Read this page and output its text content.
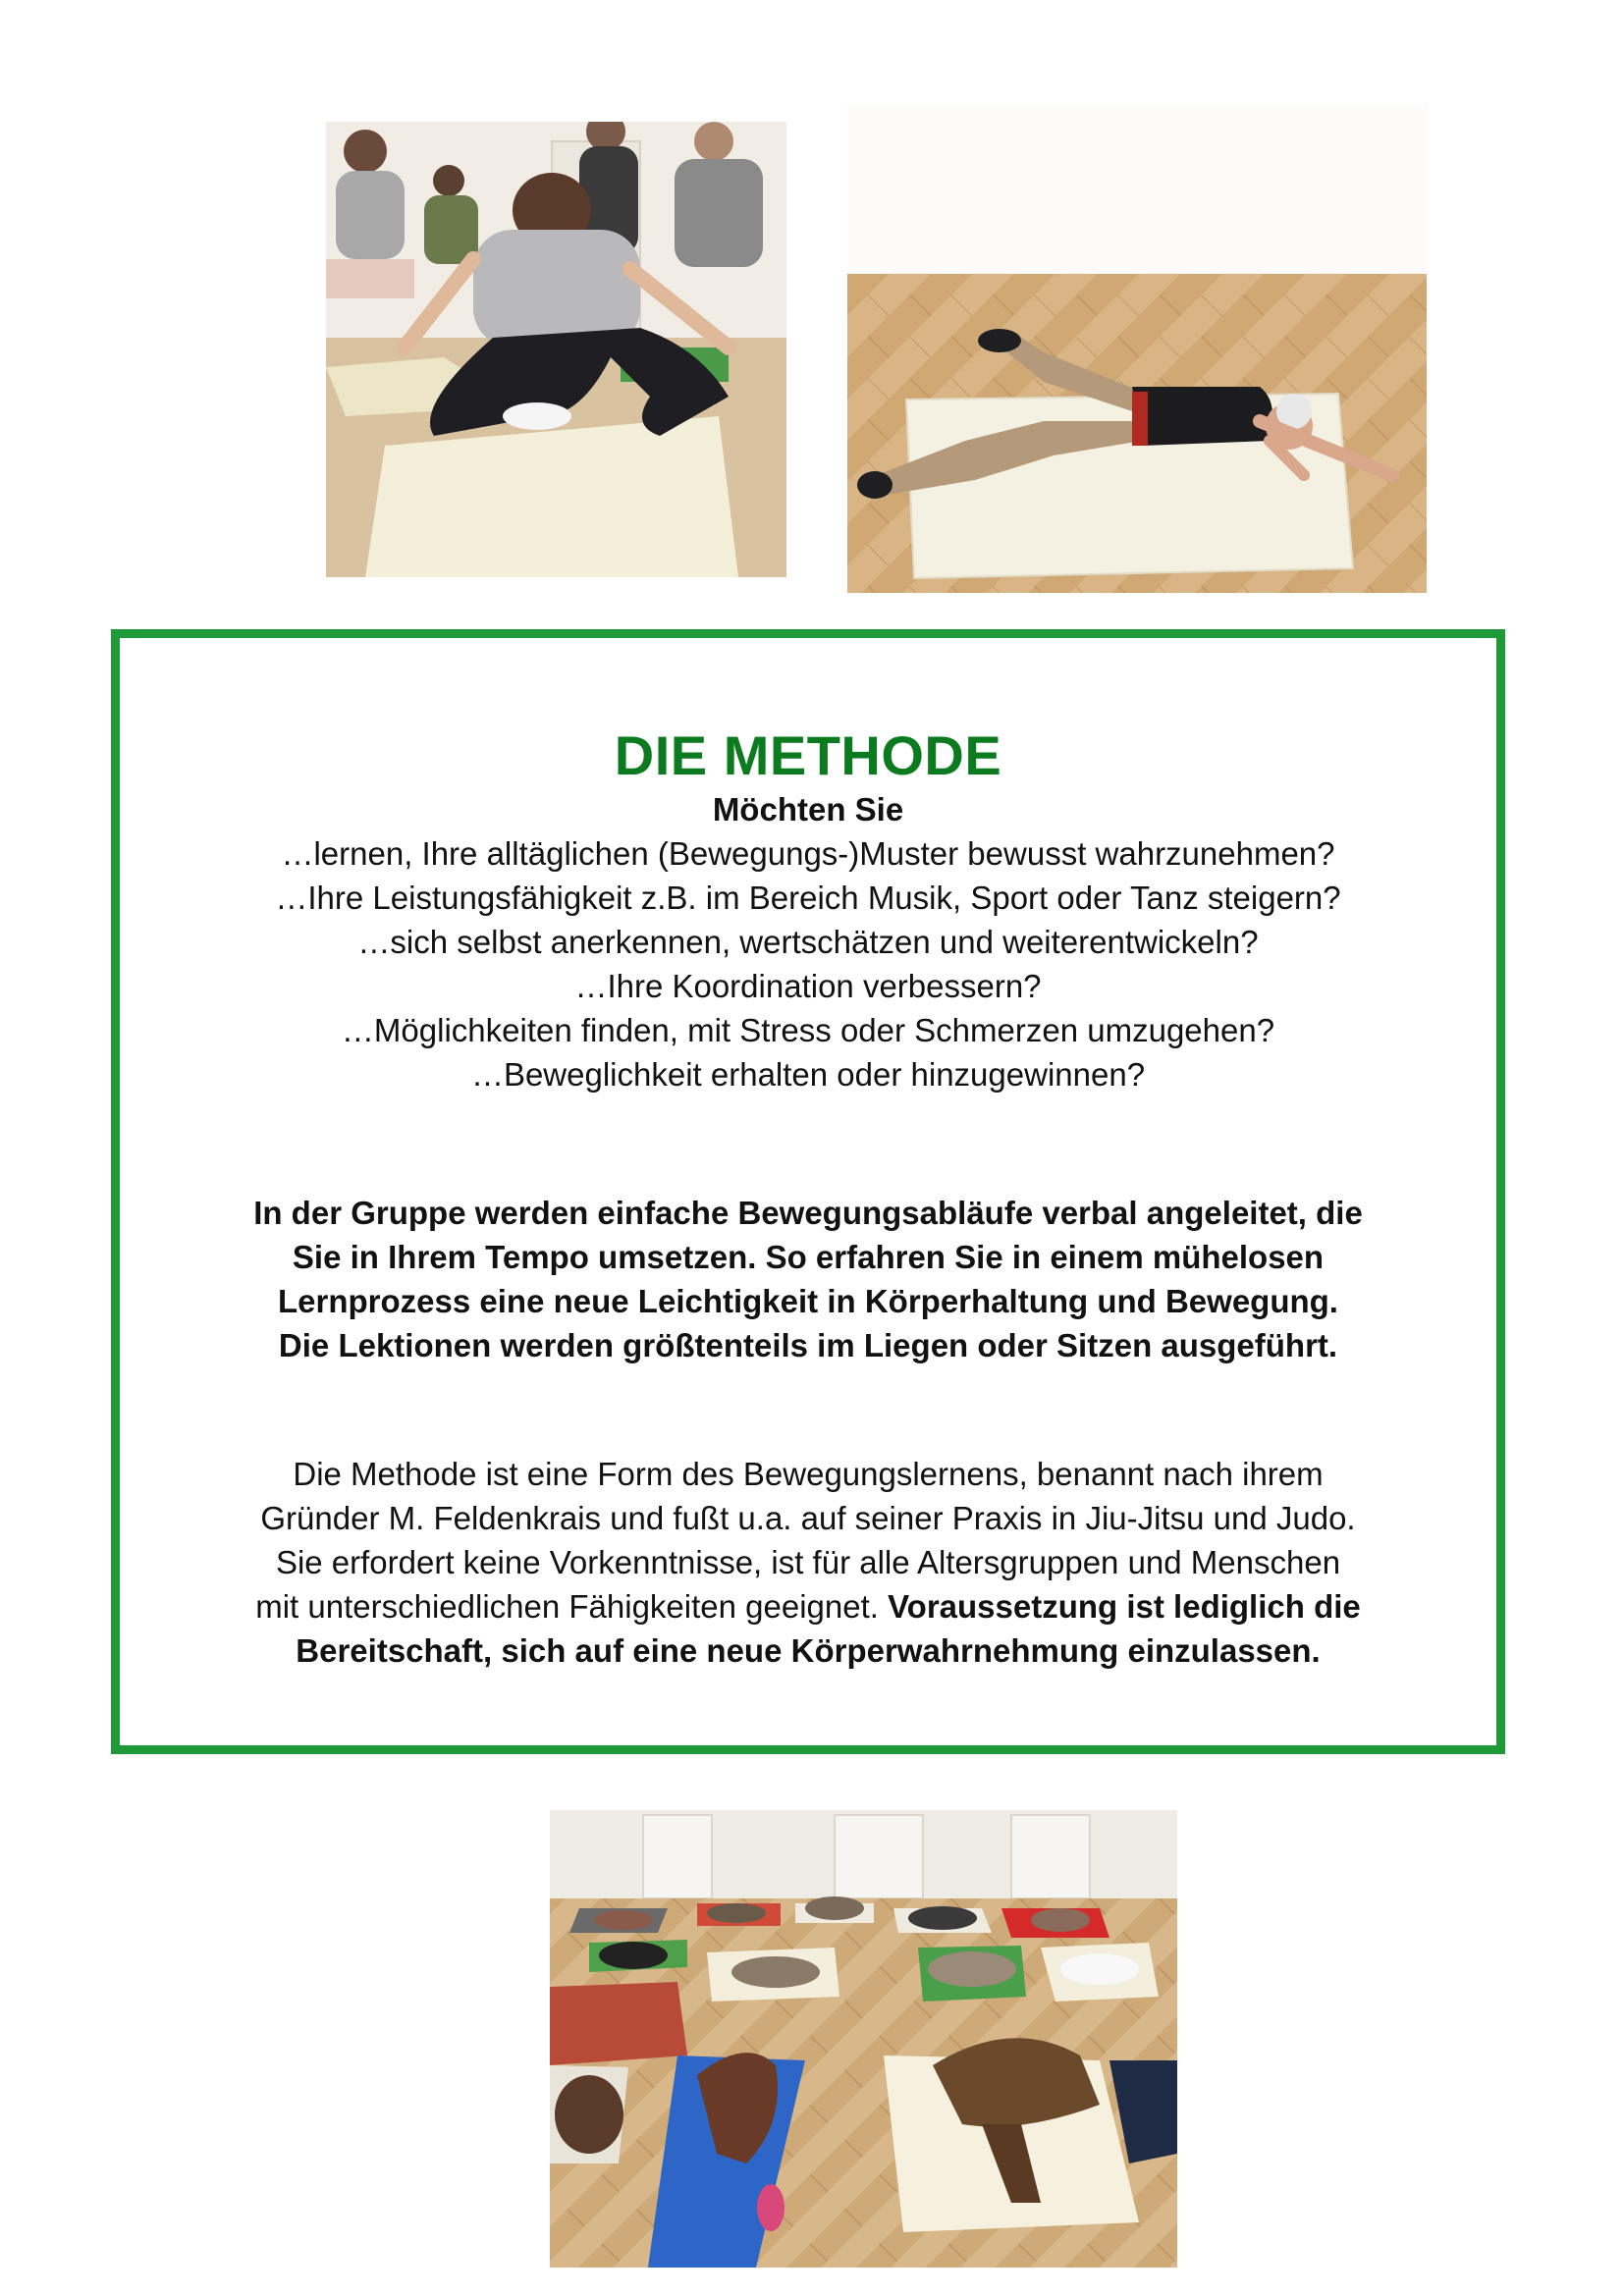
DIE METHODE

Möchten Sie

…lernen, Ihre alltäglichen (Bewegungs-)Muster bewusst wahrzunehmen?

…Ihre Leistungsfähigkeit z.B. im Bereich Musik, Sport oder Tanz steigern?

…sich selbst anerkennen, wertschätzen und weiterentwickeln?

…Ihre Koordination verbessern?

…Möglichkeiten finden, mit Stress oder Schmerzen umzugehen?

…Beweglichkeit erhalten oder hinzugewinnen?

In der Gruppe werden einfache Bewegungsabläufe verbal angeleitet, die
Sie in Ihrem Tempo umsetzen. So erfahren Sie in einem mühelosen
Lernprozess eine neue Leichtigkeit in Körperhaltung und Bewegung.
Die Lektionen werden größtenteils im Liegen oder Sitzen ausgeführt.
Die Methode ist eine Form des Bewegungslernens, benannt nach ihrem
Gründer M. Feldenkrais und fußt u.a. auf seiner Praxis in Jiu-Jitsu und Judo.
Sie erfordert keine Vorkenntnisse, ist für alle Altersgruppen und Menschen
mit unterschiedlichen Fähigkeiten geeignet. Voraussetzung ist lediglich die
Bereitschaft, sich auf eine neue Körperwahrnehmung einzulassen.
